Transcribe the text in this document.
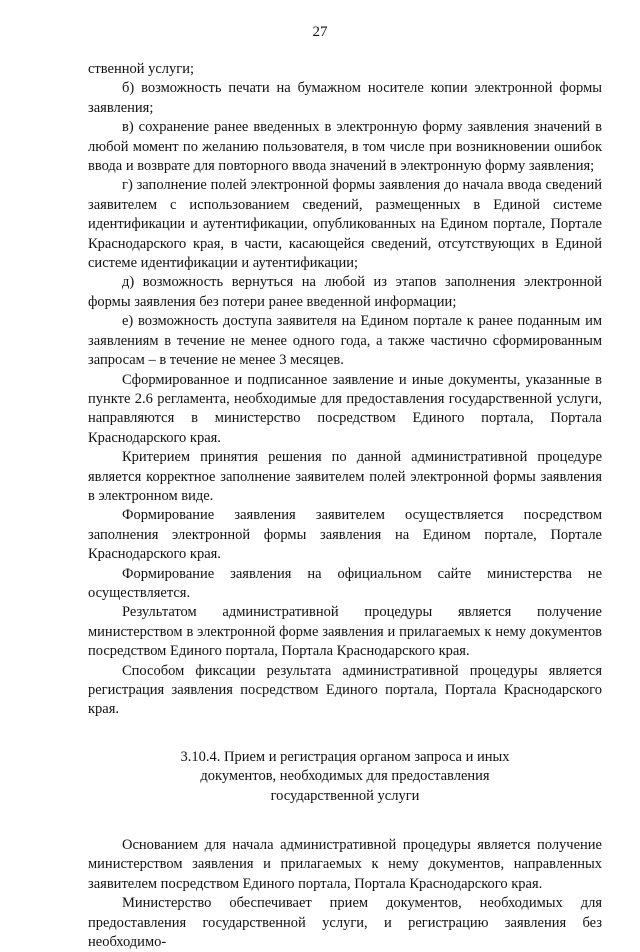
27

ственной услуги;

б) возможность печати на бумажном носителе копии электронной формы заявления;

в) сохранение ранее введенных в электронную форму заявления значений в любой момент по желанию пользователя, в том числе при возникновении ошибок ввода и возврате для повторного ввода значений в электронную форму заявления;

г) заполнение полей электронной формы заявления до начала ввода сведений заявителем с использованием сведений, размещенных в Единой системе идентификации и аутентификации, опубликованных на Едином портале, Портале Краснодарского края, в части, касающейся сведений, отсутствующих в Единой системе идентификации и аутентификации;

д) возможность вернуться на любой из этапов заполнения электронной формы заявления без потери ранее введенной информации;

е) возможность доступа заявителя на Едином портале к ранее поданным им заявлениям в течение не менее одного года, а также частично сформированным запросам – в течение не менее 3 месяцев.

Сформированное и подписанное заявление и иные документы, указанные в пункте 2.6 регламента, необходимые для предоставления государственной услуги, направляются в министерство посредством Единого портала, Портала Краснодарского края.

Критерием принятия решения по данной административной процедуре является корректное заполнение заявителем полей электронной формы заявления в электронном виде.

Формирование заявления заявителем осуществляется посредством заполнения электронной формы заявления на Едином портале, Портале Краснодарского края.

Формирование заявления на официальном сайте министерства не осуществляется.

Результатом административной процедуры является получение министерством в электронной форме заявления и прилагаемых к нему документов посредством Единого портала, Портала Краснодарского края.

Способом фиксации результата административной процедуры является регистрация заявления посредством Единого портала, Портала Краснодарского края.

3.10.4. Прием и регистрация органом запроса и иных
документов, необходимых для предоставления
государственной услуги

Основанием для начала административной процедуры является получение министерством заявления и прилагаемых к нему документов, направленных заявителем посредством Единого портала, Портала Краснодарского края.

Министерство обеспечивает прием документов, необходимых для предоставления государственной услуги, и регистрацию заявления без необходимо-
